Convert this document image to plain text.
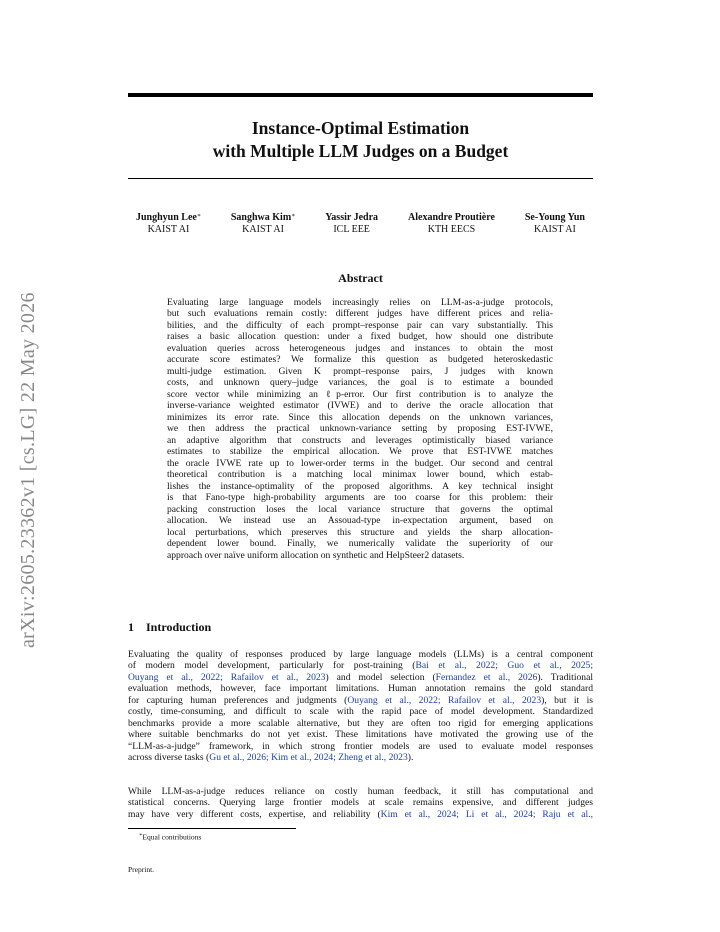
arXiv:2605.23362v1 [cs.LG] 22 May 2026
Instance-Optimal Estimation
with Multiple LLM Judges on a Budget
Junghyun Lee∗
KAIST AI
Sanghwa Kim∗
KAIST AI
Yassir Jedra
ICL EEE
Alexandre Proutière
KTH EECS
Se-Young Yun
KAIST AI
Abstract
Evaluating large language models increasingly relies on LLM-as-a-judge protocols,
but such evaluations remain costly: different judges have different prices and relia-
bilities, and the difficulty of each prompt–response pair can vary substantially. This
raises a basic allocation question: under a fixed budget, how should one distribute
evaluation queries across heterogeneous judges and instances to obtain the most
accurate score estimates? We formalize this question as budgeted heteroskedastic
multi-judge estimation. Given K prompt–response pairs, J judges with known
costs, and unknown query–judge variances, the goal is to estimate a bounded
score vector while minimizing an ℓp-error. Our first contribution is to analyze the
inverse-variance weighted estimator (IVWE) and to derive the oracle allocation that
minimizes its error rate. Since this allocation depends on the unknown variances,
we then address the practical unknown-variance setting by proposing EST-IVWE,
an adaptive algorithm that constructs and leverages optimistically biased variance
estimates to stabilize the empirical allocation. We prove that EST-IVWE matches
the oracle IVWE rate up to lower-order terms in the budget. Our second and central
theoretical contribution is a matching local minimax lower bound, which estab-
lishes the instance-optimality of the proposed algorithms. A key technical insight
is that Fano-type high-probability arguments are too coarse for this problem: their
packing construction loses the local variance structure that governs the optimal
allocation. We instead use an Assouad-type in-expectation argument, based on
local perturbations, which preserves this structure and yields the sharp allocation-
dependent lower bound. Finally, we numerically validate the superiority of our
approach over naïve uniform allocation on synthetic and HelpSteer2 datasets.
1 Introduction
Evaluating the quality of responses produced by large language models (LLMs) is a central component
of modern model development, particularly for post-training (Bai et al., 2022; Guo et al., 2025;
Ouyang et al., 2022; Rafailov et al., 2023) and model selection (Fernandez et al., 2026). Traditional
evaluation methods, however, face important limitations. Human annotation remains the gold standard
for capturing human preferences and judgments (Ouyang et al., 2022; Rafailov et al., 2023), but it is
costly, time-consuming, and difficult to scale with the rapid pace of model development. Standardized
benchmarks provide a more scalable alternative, but they are often too rigid for emerging applications
where suitable benchmarks do not yet exist. These limitations have motivated the growing use of the
“LLM-as-a-judge” framework, in which strong frontier models are used to evaluate model responses
across diverse tasks (Gu et al., 2026; Kim et al., 2024; Zheng et al., 2023).
While LLM-as-a-judge reduces reliance on costly human feedback, it still has computational and
statistical concerns. Querying large frontier models at scale remains expensive, and different judges
may have very different costs, expertise, and reliability (Kim et al., 2024; Li et al., 2024; Raju et al.,
∗Equal contributions
Preprint.
